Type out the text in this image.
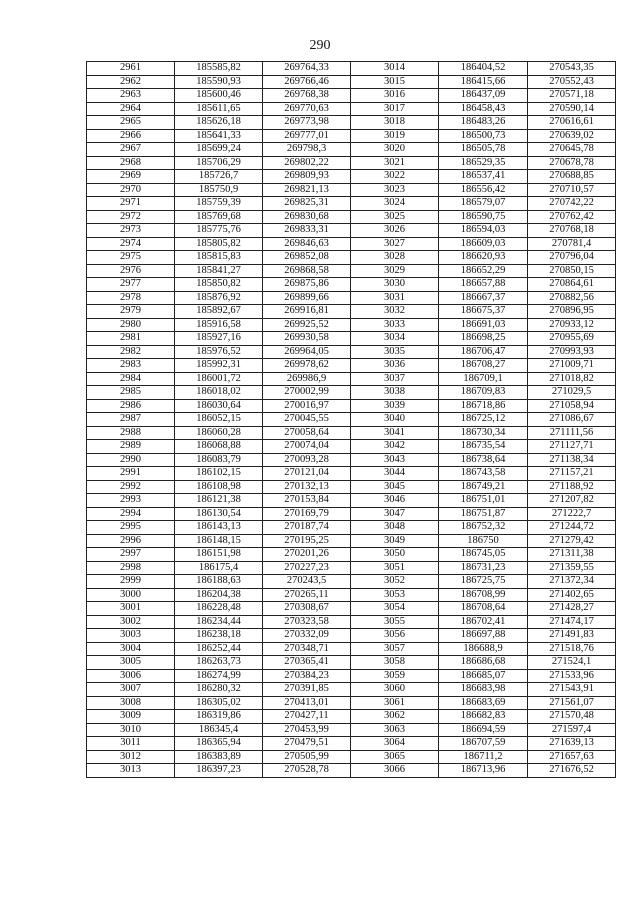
290
2961	185585,82	269764,33	3014	186404,52	270543,35
2962	185590,93	269766,46	3015	186415,66	270552,43
2963	185600,46	269768,38	3016	186437,09	270571,18
2964	185611,65	269770,63	3017	186458,43	270590,14
2965	185626,18	269773,98	3018	186483,26	270616,61
2966	185641,33	269777,01	3019	186500,73	270639,02
2967	185699,24	269798,3	3020	186505,78	270645,78
2968	185706,29	269802,22	3021	186529,35	270678,78
2969	185726,7	269809,93	3022	186537,41	270688,85
2970	185750,9	269821,13	3023	186556,42	270710,57
2971	185759,39	269825,31	3024	186579,07	270742,22
2972	185769,68	269830,68	3025	186590,75	270762,42
2973	185775,76	269833,31	3026	186594,03	270768,18
2974	185805,82	269846,63	3027	186609,03	270781,4
2975	185815,83	269852,08	3028	186620,93	270796,04
2976	185841,27	269868,58	3029	186652,29	270850,15
2977	185850,82	269875,86	3030	186657,88	270864,61
2978	185876,92	269899,66	3031	186667,37	270882,56
2979	185892,67	269916,81	3032	186675,37	270896,95
2980	185916,58	269925,52	3033	186691,03	270933,12
2981	185927,16	269930,58	3034	186698,25	270955,69
2982	185976,52	269964,05	3035	186706,47	270993,93
2983	185992,31	269978,62	3036	186708,27	271009,71
2984	186001,72	269986,9	3037	186709,1	271018,82
2985	186018,02	270002,99	3038	186709,83	271029,5
2986	186030,64	270016,97	3039	186718,86	271058,94
2987	186052,15	270045,55	3040	186725,12	271086,67
2988	186060,28	270058,64	3041	186730,34	271111,56
2989	186068,88	270074,04	3042	186735,54	271127,71
2990	186083,79	270093,28	3043	186738,64	271138,34
2991	186102,15	270121,04	3044	186743,58	271157,21
2992	186108,98	270132,13	3045	186749,21	271188,92
2993	186121,38	270153,84	3046	186751,01	271207,82
2994	186130,54	270169,79	3047	186751,87	271222,7
2995	186143,13	270187,74	3048	186752,32	271244,72
2996	186148,15	270195,25	3049	186750	271279,42
2997	186151,98	270201,26	3050	186745,05	271311,38
2998	186175,4	270227,23	3051	186731,23	271359,55
2999	186188,63	270243,5	3052	186725,75	271372,34
3000	186204,38	270265,11	3053	186708,99	271402,65
3001	186228,48	270308,67	3054	186708,64	271428,27
3002	186234,44	270323,58	3055	186702,41	271474,17
3003	186238,18	270332,09	3056	186697,88	271491,83
3004	186252,44	270348,71	3057	186688,9	271518,76
3005	186263,73	270365,41	3058	186686,68	271524,1
3006	186274,99	270384,23	3059	186685,07	271533,96
3007	186280,32	270391,85	3060	186683,98	271543,91
3008	186305,02	270413,01	3061	186683,69	271561,07
3009	186319,86	270427,11	3062	186682,83	271570,48
3010	186345,4	270453,99	3063	186694,59	271597,4
3011	186365,94	270479,51	3064	186707,59	271639,13
3012	186383,89	270505,99	3065	186711,2	271657,63
3013	186397,23	270528,78	3066	186713,96	271676,52
